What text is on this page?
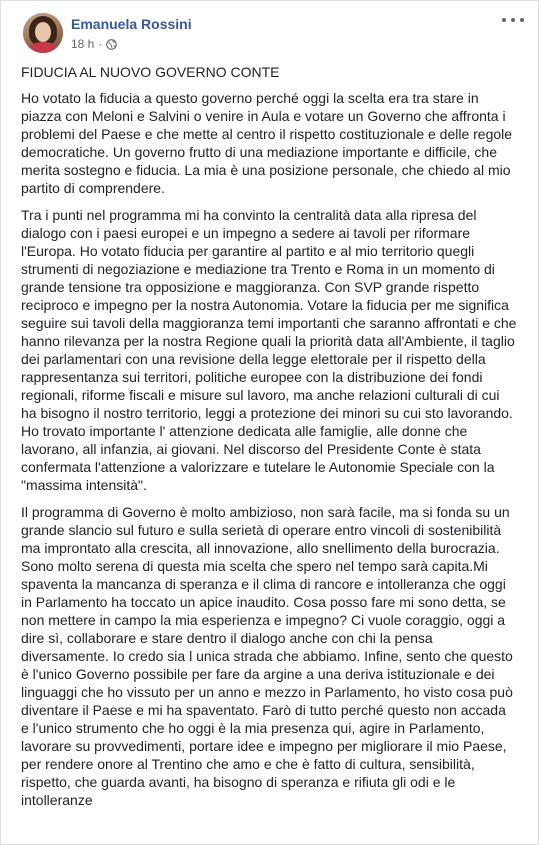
Emanuela Rossini
18 h ·

FIDUCIA AL NUOVO GOVERNO CONTE

Ho votato la fiducia a questo governo perché oggi la scelta era tra stare in piazza con Meloni e Salvini o venire in Aula e votare un Governo che affronta i problemi del Paese e che mette al centro il rispetto costituzionale e delle regole democratiche. Un governo frutto di una mediazione importante e difficile, che merita sostegno e fiducia. La mia è una posizione personale, che chiedo al mio partito di comprendere.

Tra i punti nel programma mi ha convinto la centralità data alla ripresa del dialogo con i paesi europei e un impegno a sedere ai tavoli per riformare l'Europa. Ho votato fiducia per garantire al partito e al mio territorio quegli strumenti di negoziazione e mediazione tra Trento e Roma in un momento di grande tensione tra opposizione e maggioranza. Con SVP grande rispetto reciproco e impegno per la nostra Autonomia. Votare la fiducia per me significa seguire sui tavoli della maggioranza temi importanti che saranno affrontati e che hanno rilevanza per la nostra Regione quali la priorità data all'Ambiente, il taglio dei parlamentari con una revisione della legge elettorale per il rispetto della rappresentanza sui territori, politiche europee con la distribuzione dei fondi regionali, riforme fiscali e misure sul lavoro, ma anche relazioni culturali di cui ha bisogno il nostro territorio, leggi a protezione dei minori su cui sto lavorando. Ho trovato importante l' attenzione dedicata alle famiglie, alle donne che lavorano, all infanzia, ai giovani. Nel discorso del Presidente Conte è stata confermata l'attenzione a valorizzare e tutelare le Autonomie Speciale con la "massima intensità".

Il programma di Governo è molto ambizioso, non sarà facile, ma si fonda su un grande slancio sul futuro e sulla serietà di operare entro vincoli di sostenibilità ma improntato alla crescita, all innovazione, allo snellimento della burocrazia. Sono molto serena di questa mia scelta che spero nel tempo sarà capita.Mi spaventa la mancanza di speranza e il clima di rancore e intolleranza che oggi in Parlamento ha toccato un apice inaudito. Cosa posso fare mi sono detta, se non mettere in campo la mia esperienza e impegno? Ci vuole coraggio, oggi a dire sì, collaborare e stare dentro il dialogo anche con chi la pensa diversamente. Io credo sia l unica strada che abbiamo. Infine, sento che questo è l'unico Governo possibile per fare da argine a una deriva istituzionale e dei linguaggi che ho vissuto per un anno e mezzo in Parlamento, ho visto cosa può diventare il Paese e mi ha spaventato. Farò di tutto perché questo non accada e l'unico strumento che ho oggi è la mia presenza qui, agire in Parlamento, lavorare su provvedimenti, portare idee e impegno per migliorare il mio Paese, per rendere onore al Trentino che amo e che è fatto di cultura, sensibilità, rispetto, che guarda avanti, ha bisogno di speranza e rifiuta gli odi e le intolleranze
